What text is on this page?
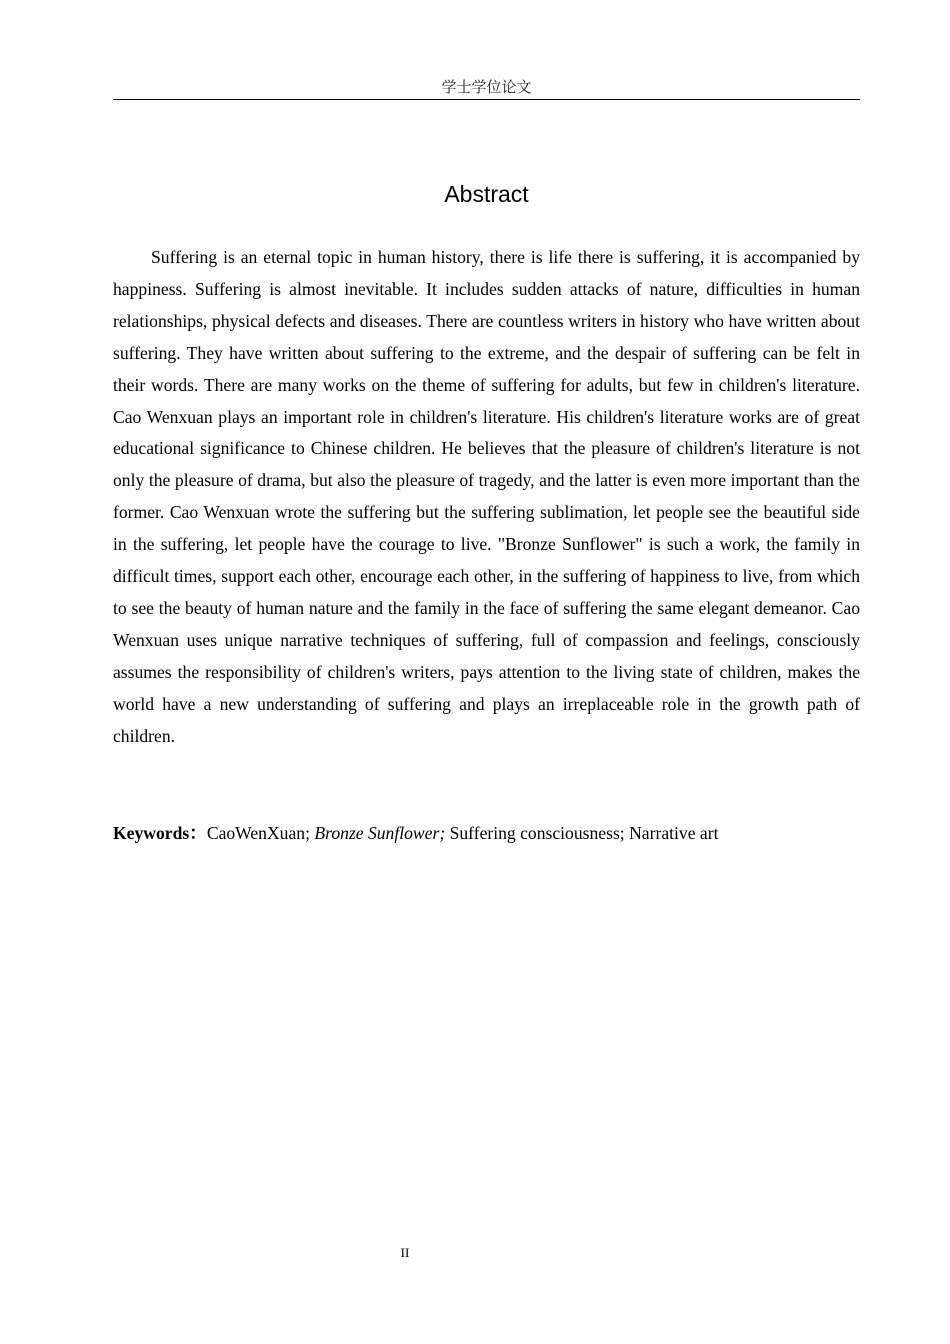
学士学位论文
Abstract

Suffering is an eternal topic in human history, there is life there is suffering, it is accompanied by happiness. Suffering is almost inevitable. It includes sudden attacks of nature, difficulties in human relationships, physical defects and diseases. There are countless writers in history who have written about suffering. They have written about suffering to the extreme, and the despair of suffering can be felt in their words. There are many works on the theme of suffering for adults, but few in children's literature. Cao Wenxuan plays an important role in children's literature. His children's literature works are of great educational significance to Chinese children. He believes that the pleasure of children's literature is not only the pleasure of drama, but also the pleasure of tragedy, and the latter is even more important than the former. Cao Wenxuan wrote the suffering but the suffering sublimation, let people see the beautiful side in the suffering, let people have the courage to live. "Bronze Sunflower" is such a work, the family in difficult times, support each other, encourage each other, in the suffering of happiness to live, from which to see the beauty of human nature and the family in the face of suffering the same elegant demeanor. Cao Wenxuan uses unique narrative techniques of suffering, full of compassion and feelings, consciously assumes the responsibility of children's writers, pays attention to the living state of children, makes the world have a new understanding of suffering and plays an irreplaceable role in the growth path of children.

Keywords：CaoWenXuan; Bronze Sunflower; Suffering consciousness; Narrative art
II
